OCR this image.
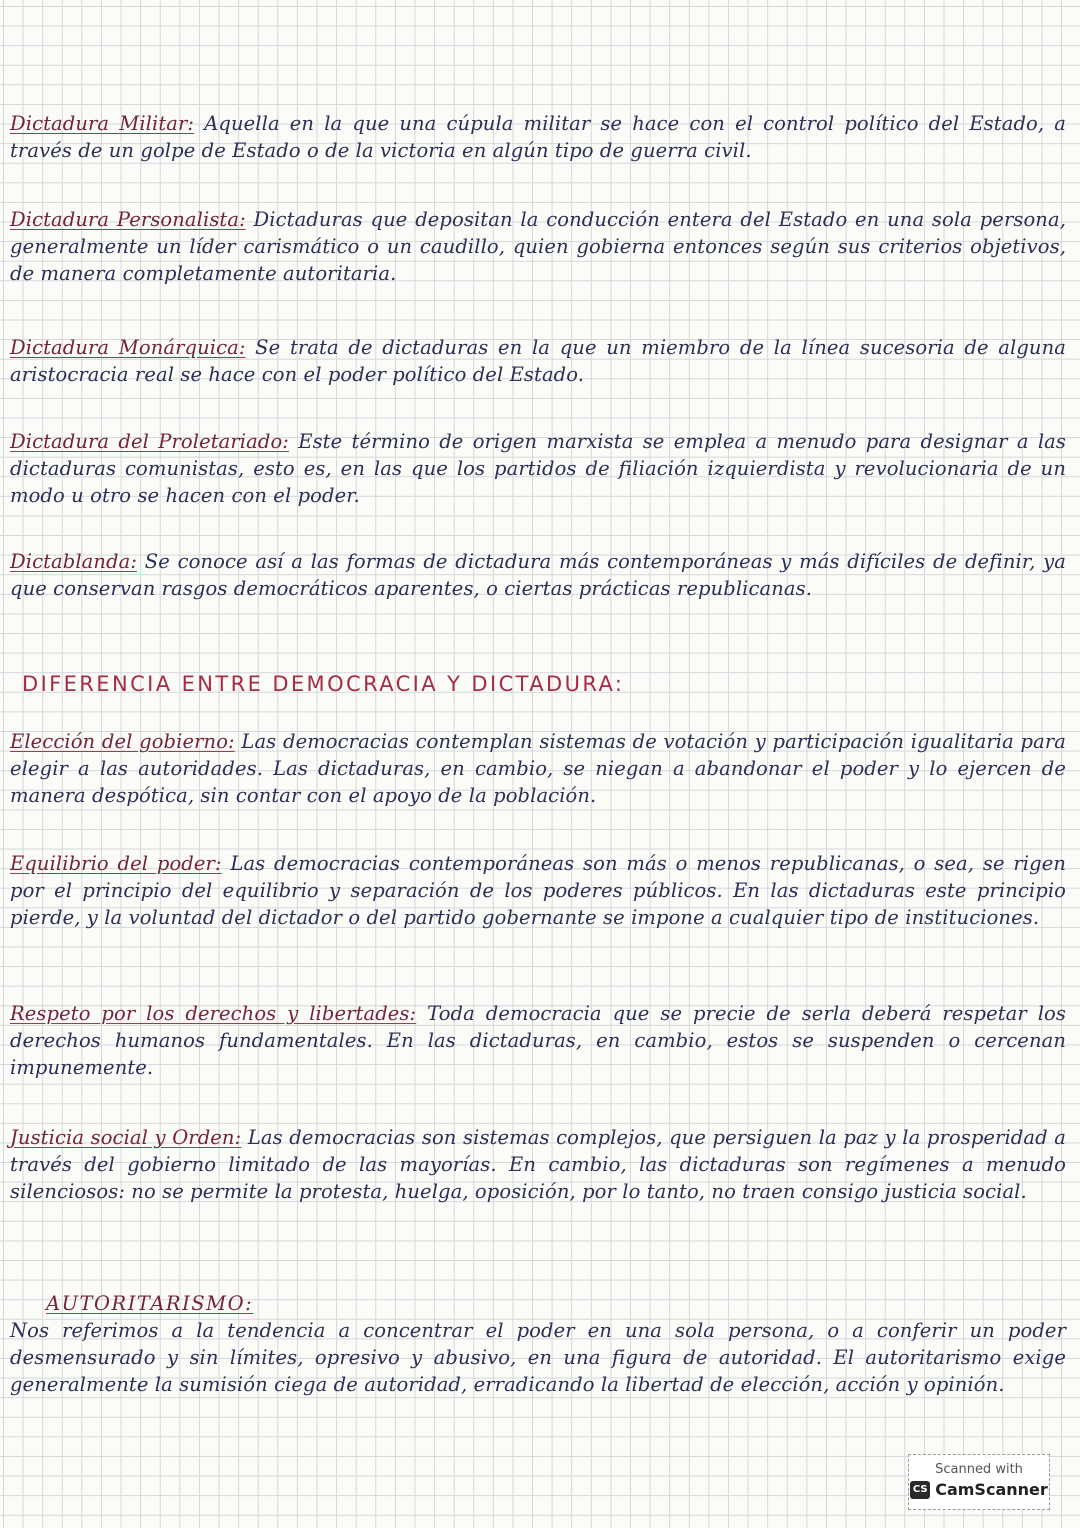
Dictadura Militar: Aquella en la que una cúpula militar se hace con el control político del Estado, a través de un golpe de Estado o de la victoria en algún tipo de guerra civil.

Dictadura Personalista: Dictaduras que depositan la conducción entera del Estado en una sola persona, generalmente un líder carismático o un caudillo, quien gobierna entonces según sus criterios objetivos, de manera completamente autoritaria.

Dictadura Monárquica: Se trata de dictaduras en la que un miembro de la línea sucesoria de alguna aristocracia real se hace con el poder político del Estado.

Dictadura del Proletariado: Este término de origen marxista se emplea a menudo para designar a las dictaduras comunistas, esto es, en las que los partidos de filiación izquierdista y revolucionaria de un modo u otro se hacen con el poder.

Dictablanda: Se conoce así a las formas de dictadura más contemporáneas y más difíciles de definir, ya que conservan rasgos democráticos aparentes, o ciertas prácticas republicanas.

DIFERENCIA ENTRE DEMOCRACIA Y DICTADURA:

Elección del gobierno: Las democracias contemplan sistemas de votación y participación igualitaria para elegir a las autoridades. Las dictaduras, en cambio, se niegan a abandonar el poder y lo ejercen de manera despótica, sin contar con el apoyo de la población.

Equilibrio del poder: Las democracias contemporáneas son más o menos republicanas, o sea, se rigen por el principio del equilibrio y separación de los poderes públicos. En las dictaduras este principio pierde, y la voluntad del dictador o del partido gobernante se impone a cualquier tipo de instituciones.

Respeto por los derechos y libertades: Toda democracia que se precie de serla deberá respetar los derechos humanos fundamentales. En las dictaduras, en cambio, estos se suspenden o cercenan impunemente.

Justicia social y Orden: Las democracias son sistemas complejos, que persiguen la paz y la prosperidad a través del gobierno limitado de las mayorías. En cambio, las dictaduras son regímenes a menudo silenciosos: no se permite la protesta, huelga, oposición, por lo tanto, no traen consigo justicia social.

AUTORITARISMO:
Nos referimos a la tendencia a concentrar el poder en una sola persona, o a conferir un poder desmensurado y sin límites, opresivo y abusivo, en una figura de autoridad. El autoritarismo exige generalmente la sumisión ciega de autoridad, erradicando la libertad de elección, acción y opinión.

Scanned with
CS CamScanner
